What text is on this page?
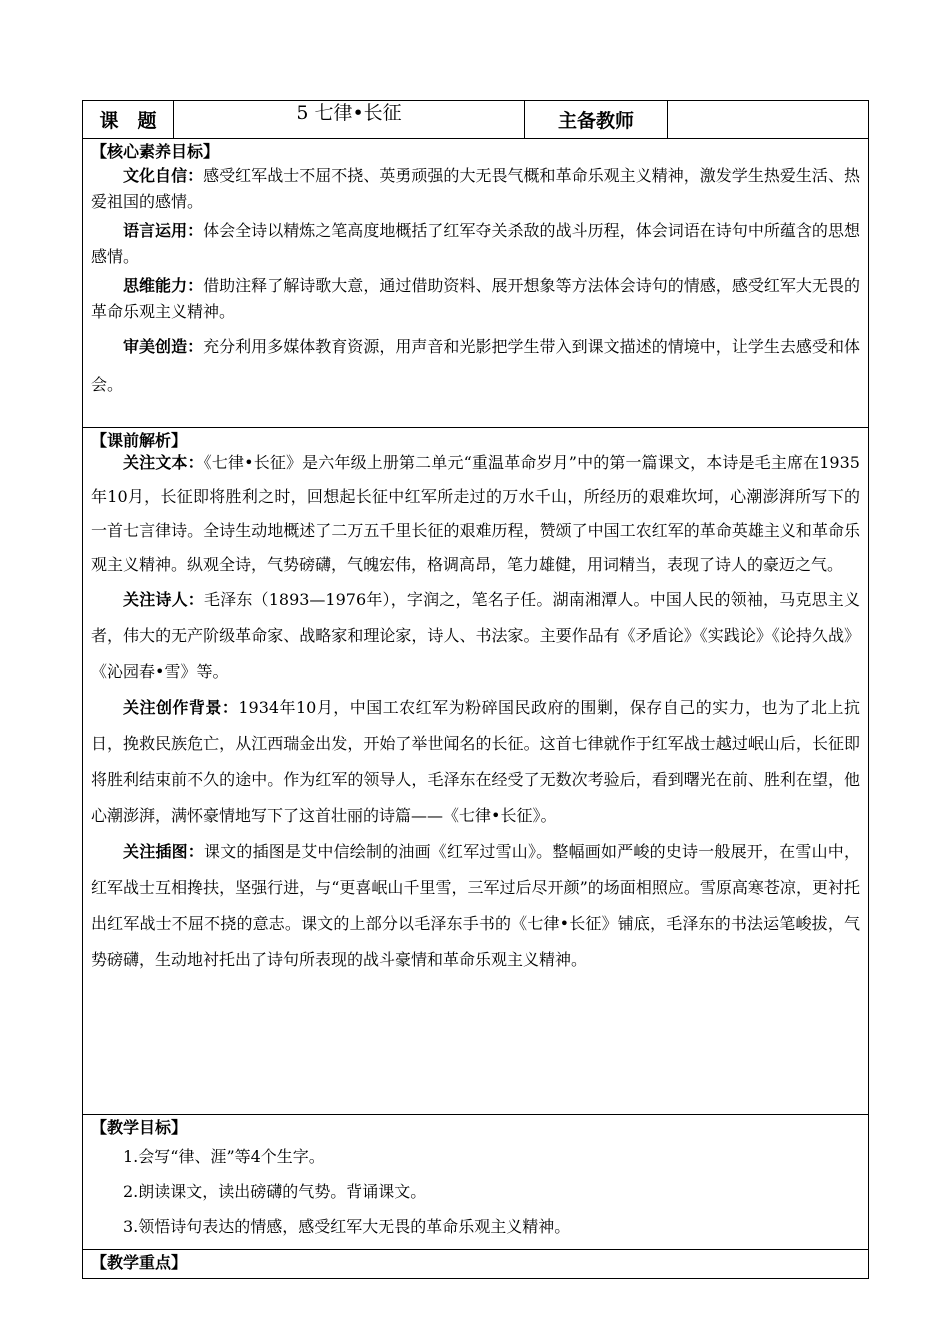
课　题	5 七律•长征	主备教师	

【核心素养目标】

文化自信：感受红军战士不屈不挠、英勇顽强的大无畏气概和革命乐观主义精神，激发学生热爱生活、热爱祖国的感情。

语言运用：体会全诗以精炼之笔高度地概括了红军夺关杀敌的战斗历程，体会词语在诗句中所蕴含的思想感情。

思维能力：借助注释了解诗歌大意，通过借助资料、展开想象等方法体会诗句的情感，感受红军大无畏的革命乐观主义精神。

审美创造：充分利用多媒体教育资源，用声音和光影把学生带入到课文描述的情境中，让学生去感受和体会。

【课前解析】

关注文本：《七律•长征》是六年级上册第二单元“重温革命岁月”中的第一篇课文，本诗是毛主席在1935年10月，长征即将胜利之时，回想起长征中红军所走过的万水千山，所经历的艰难坎坷，心潮澎湃所写下的一首七言律诗。全诗生动地概述了二万五千里长征的艰难历程，赞颂了中国工农红军的革命英雄主义和革命乐观主义精神。纵观全诗，气势磅礴，气魄宏伟，格调高昂，笔力雄健，用词精当，表现了诗人的豪迈之气。

关注诗人：毛泽东（1893—1976年），字润之，笔名子任。湖南湘潭人。中国人民的领袖，马克思主义者，伟大的无产阶级革命家、战略家和理论家，诗人、书法家。主要作品有《矛盾论》《实践论》《论持久战》《沁园春•雪》等。

关注创作背景：1934年10月，中国工农红军为粉碎国民政府的围剿，保存自己的实力，也为了北上抗日，挽救民族危亡，从江西瑞金出发，开始了举世闻名的长征。这首七律就作于红军战士越过岷山后，长征即将胜利结束前不久的途中。作为红军的领导人，毛泽东在经受了无数次考验后，看到曙光在前、胜利在望，他心潮澎湃，满怀豪情地写下了这首壮丽的诗篇——《七律•长征》。

关注插图：课文的插图是艾中信绘制的油画《红军过雪山》。整幅画如严峻的史诗一般展开，在雪山中，红军战士互相搀扶，坚强行进，与“更喜岷山千里雪，三军过后尽开颜”的场面相照应。雪原高寒苍凉，更衬托出红军战士不屈不挠的意志。课文的上部分以毛泽东手书的《七律•长征》铺底，毛泽东的书法运笔峻拔，气势磅礴，生动地衬托出了诗句所表现的战斗豪情和革命乐观主义精神。

【教学目标】

1.会写“律、涯”等4个生字。

2.朗读课文，读出磅礴的气势。背诵课文。

3.领悟诗句表达的情感，感受红军大无畏的革命乐观主义精神。

【教学重点】
